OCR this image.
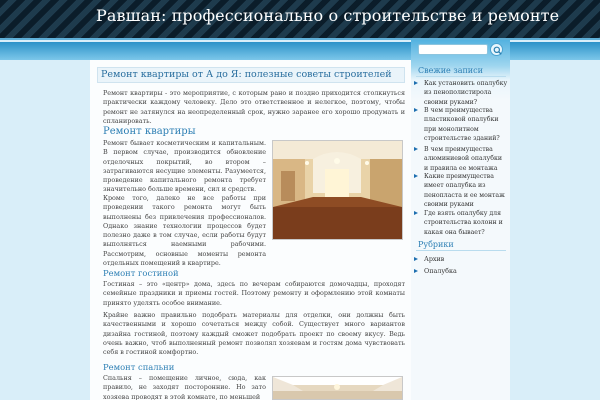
Равшан: профессионально о строительстве и ремонте
Ремонт квартиры от А до Я: полезные советы строителей
Ремонт квартиры - это мероприятие, с которым рано и поздно приходится столкнуться практически каждому человеку. Дело это ответственное и нелегкое, поэтому, чтобы ремонт не затянулся на неопределенный срок, нужно заранее его хорошо продумать и спланировать.
Ремонт квартиры
Ремонт бывает косметическим и капитальным. В первом случае, производится обновление отделочных покрытий, во втором – затрагиваются несущие элементы. Разумеется, проведение капитального ремонта требует значительно больше времени, сил и средств.
Кроме того, далеко не все работы при проведении такого ремонта могут быть выполнены без привлечения профессионалов. Однако знание технологии процессов будет полезно даже в том случае, если работы будут выполняться наемными рабочими. Рассмотрим, основные моменты ремонта отдельных помещений в квартире.
Ремонт гостиной
Гостиная – это «центр» дома, здесь по вечерам собираются домочадцы, проходят семейные праздники и приемы гостей. Поэтому ремонту и оформлению этой комнаты принято уделять особое внимание.
Крайне важно правильно подобрать материалы для отделки, они должны быть качественными и хорошо сочетаться между собой. Существует много вариантов дизайна гостиной, поэтому каждый сможет подобрать проект по своему вкусу. Ведь очень важно, чтоб выполненный ремонт позволял хозяевам и гостям дома чувствовать себя в гостиной комфортно.
Ремонт спальни
Спальня – помещение личное, сюда, как правило, не заходят посторонние. Но зато хозяева проводят в этой комнате, по меньшей
Свежие записи
Как установить опалубку из пенополистирола своими руками?
В чем преимущества пластиковой опалубки при монолитном строительстве зданий?
В чем преимущества алюминиевой опалубки и правила ее монтажа
Какие преимущества имеет опалубка из пенопласта и ее монтаж своими руками
Где взять опалубку для строительства колонн и какая она бывает?
Рубрики
Архив
Опалубка
